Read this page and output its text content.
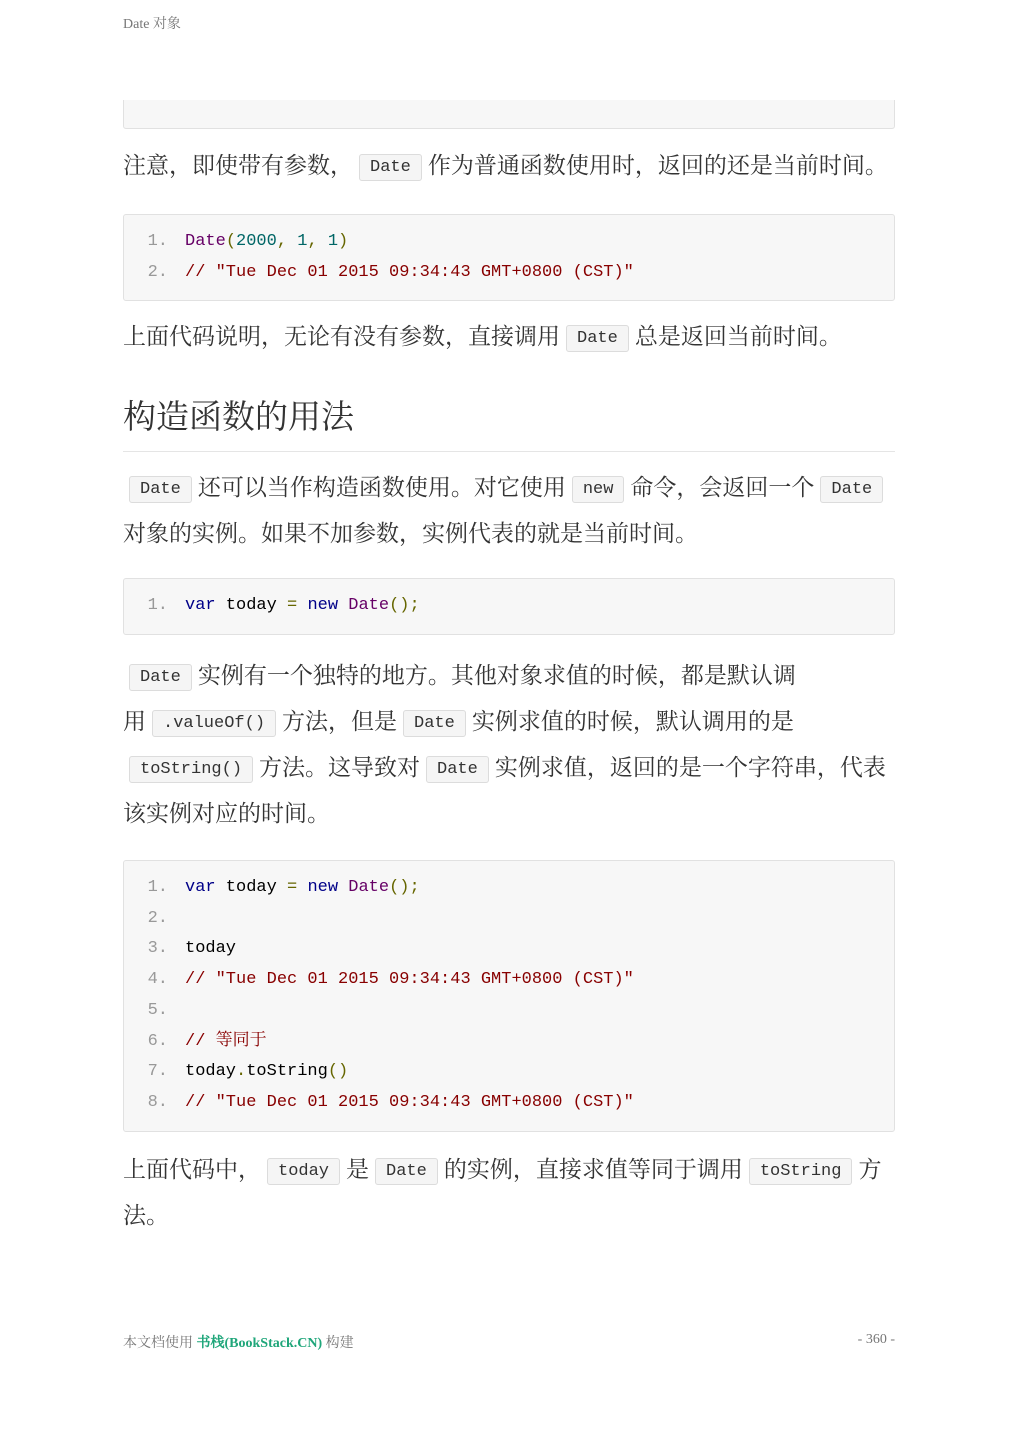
Date 对象

注意，即使带有参数， Date 作为普通函数使用时，返回的还是当前时间。

1.	Date(2000, 1, 1)
2.	// "Tue Dec 01 2015 09:34:43 GMT+0800 (CST)"

上面代码说明，无论有没有参数，直接调用 Date 总是返回当前时间。

构造函数的用法

Date 还可以当作构造函数使用。对它使用 new 命令，会返回一个 Date对象的实例。如果不加参数，实例代表的就是当前时间。

1.	var today = new Date();

Date 实例有一个独特的地方。其他对象求值的时候，都是默认调用 .valueOf() 方法，但是 Date 实例求值的时候，默认调用的是toString() 方法。这导致对 Date 实例求值，返回的是一个字符串，代表该实例对应的时间。

1.	var today = new Date();
2.
3.	today
4.	// "Tue Dec 01 2015 09:34:43 GMT+0800 (CST)"
5.
6.	// 等同于
7.	today.toString()
8.	// "Tue Dec 01 2015 09:34:43 GMT+0800 (CST)"

上面代码中， today 是 Date 的实例，直接求值等同于调用 toString 方法。

本文档使用 书栈(BookStack.CN) 构建	- 360 -
